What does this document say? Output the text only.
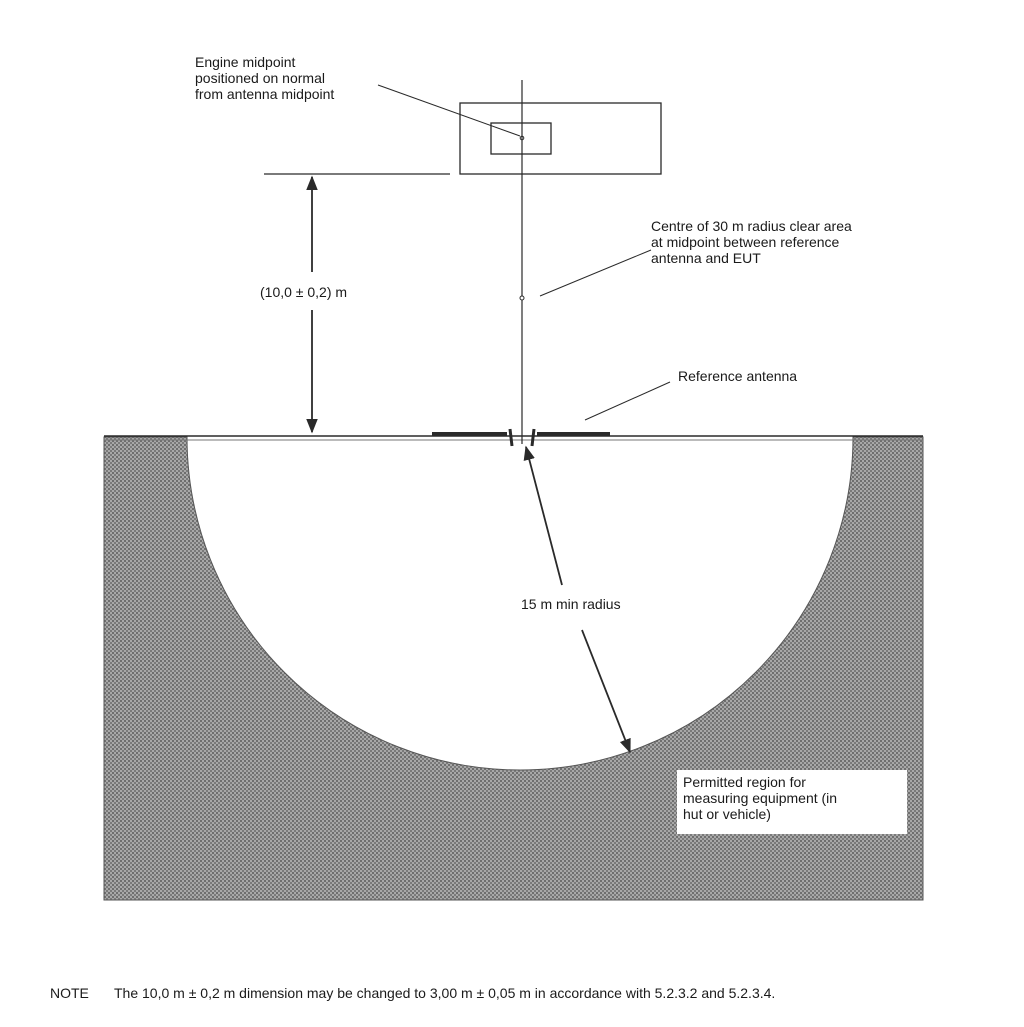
Engine midpoint
positioned on normal
from antenna midpoint
Centre of 30 m radius clear area
at midpoint between reference
antenna and EUT
(10,0 ± 0,2) m
Reference antenna
15 m min radius
Permitted region for
measuring equipment (in
hut or vehicle)
NOTE The 10,0 m ± 0,2 m dimension may be changed to 3,00 m ± 0,05 m in accordance with 5.2.3.2 and 5.2.3.4.
